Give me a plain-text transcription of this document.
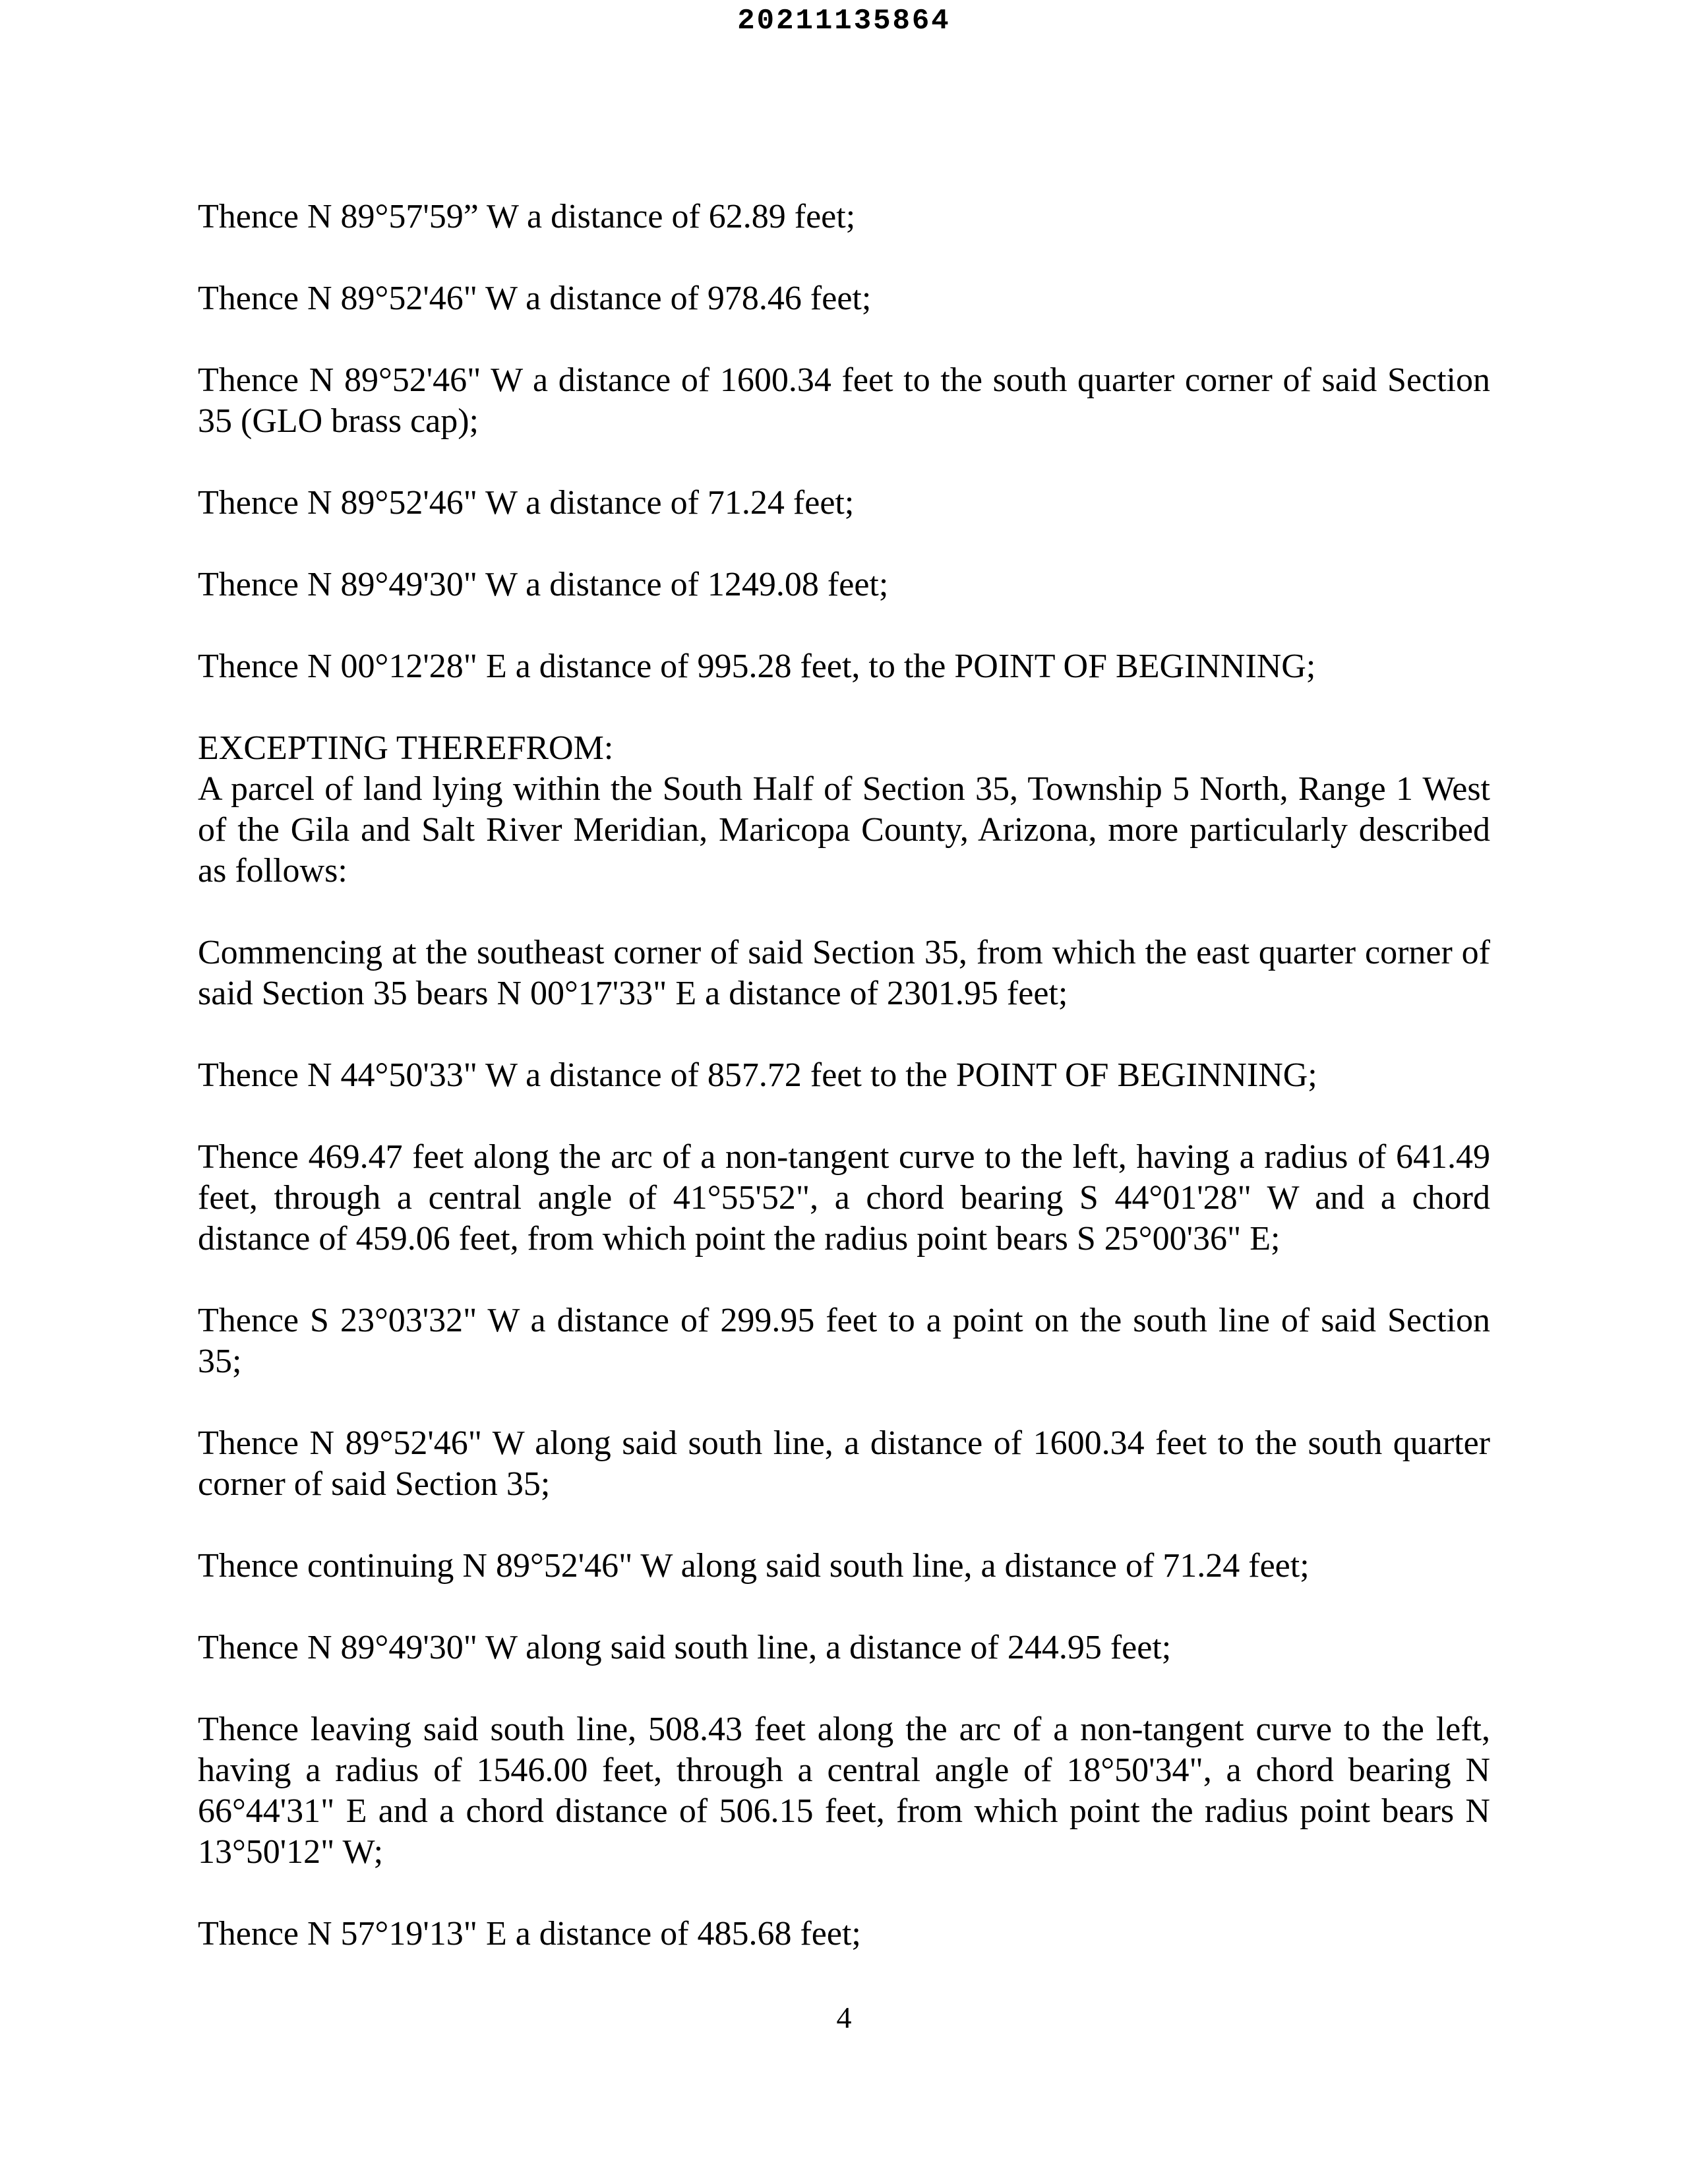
20211135864

Thence N 89°57'59” W a distance of 62.89 feet;

Thence N 89°52'46" W a distance of 978.46 feet;

Thence N 89°52'46" W a distance of 1600.34 feet to the south quarter corner of said Section 35 (GLO brass cap);

Thence N 89°52'46" W a distance of 71.24 feet;

Thence N 89°49'30" W a distance of 1249.08 feet;

Thence N 00°12'28" E a distance of 995.28 feet, to the POINT OF BEGINNING;

EXCEPTING THEREFROM:

A parcel of land lying within the South Half of Section 35, Township 5 North, Range 1 West of the Gila and Salt River Meridian, Maricopa County, Arizona, more particularly described as follows:

Commencing at the southeast corner of said Section 35, from which the east quarter corner of said Section 35 bears N 00°17'33" E a distance of 2301.95 feet;

Thence N 44°50'33" W a distance of 857.72 feet to the POINT OF BEGINNING;

Thence 469.47 feet along the arc of a non-tangent curve to the left, having a radius of 641.49 feet, through a central angle of 41°55'52", a chord bearing S 44°01'28" W and a chord distance of 459.06 feet, from which point the radius point bears S 25°00'36" E;

Thence S 23°03'32" W a distance of 299.95 feet to a point on the south line of said Section 35;

Thence N 89°52'46" W along said south line, a distance of 1600.34 feet to the south quarter corner of said Section 35;

Thence continuing N 89°52'46" W along said south line, a distance of 71.24 feet;

Thence N 89°49'30" W along said south line, a distance of 244.95 feet;

Thence leaving said south line, 508.43 feet along the arc of a non-tangent curve to the left, having a radius of 1546.00 feet, through a central angle of 18°50'34", a chord bearing N 66°44'31" E and a chord distance of 506.15 feet, from which point the radius point bears N 13°50'12" W;

Thence N 57°19'13" E a distance of 485.68 feet;

4
